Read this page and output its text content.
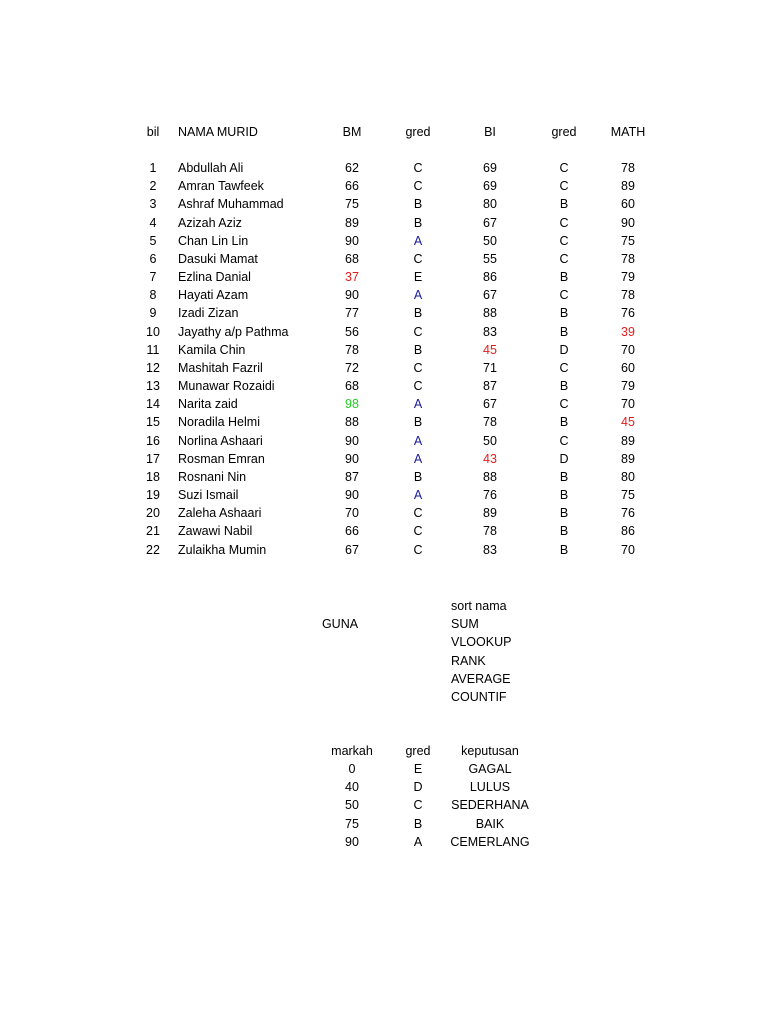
bil NAMA MURID	BM	gred	BI	gred	MATH
1 Abdullah Ali	62	C	69	C	78
2 Amran Tawfeek	66	C	69	C	89
3 Ashraf Muhammad	75	B	80	B	60
4 Azizah Aziz	89	B	67	C	90
5 Chan Lin Lin	90	A	50	C	75
6 Dasuki Mamat	68	C	55	C	78
7 Ezlina Danial	37	E	86	B	79
8 Hayati Azam	90	A	67	C	78
9 Izadi Zizan	77	B	88	B	76
10 Jayathy a/p Pathma	56	C	83	B	39
11 Kamila Chin	78	B	45	D	70
12 Mashitah Fazril	72	C	71	C	60
13 Munawar Rozaidi	68	C	87	B	79
14 Narita zaid	98	A	67	C	70
15 Noradila Helmi	88	B	78	B	45
16 Norlina Ashaari	90	A	50	C	89
17 Rosman Emran	90	A	43	D	89
18 Rosnani Nin	87	B	88	B	80
19 Suzi Ismail	90	A	76	B	75
20 Zaleha Ashaari	70	C	89	B	76
21 Zawawi Nabil	66	C	78	B	86
22 Zulaikha Mumin	67	C	83	B	70
GUNA
sort nama
SUM
VLOOKUP
RANK
AVERAGE
COUNTIF
markah	gred keputusan
0	E	GAGAL
40	D	LULUS
50	C SEDERHANA
75	B	BAIK
90	A CEMERLANG
